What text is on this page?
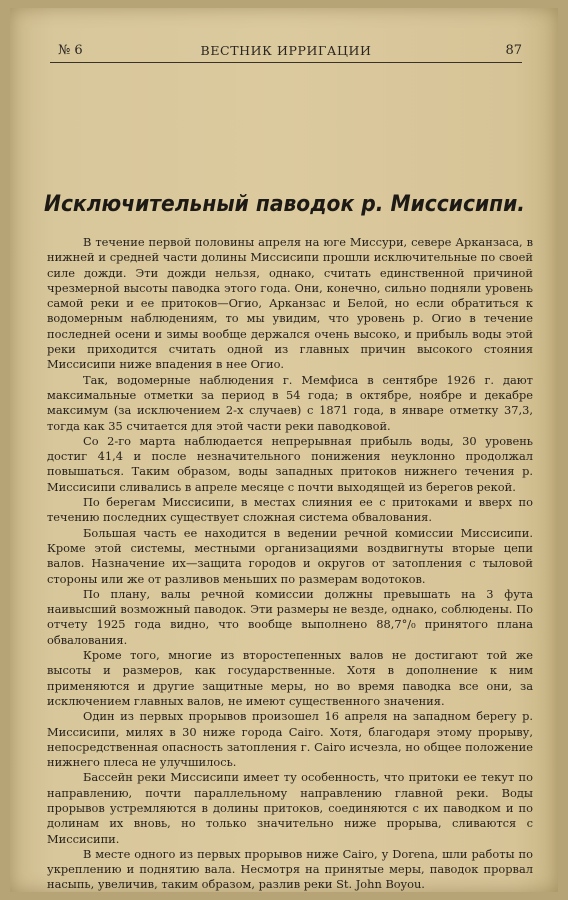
№ 6	ВЕСТНИК ИРРИГАЦИИ	87
Исключительный паводок р. Миссисипи.

В течение первой половины апреля на юге Миссури, севере Арканзаса, в нижней и средней части долины Миссисипи прошли исключительные по своей силе дожди. Эти дожди нельзя, однако, считать единственной причиной чрезмерной высоты паводка этого года. Они, конечно, сильно подняли уровень самой реки и ее притоков—Огио, Арканзас и Белой, но если обратиться к водомерным наблюдениям, то мы увидим, что уровень р. Огио в течение последней осени и зимы вообще держался очень высоко, и прибыль воды этой реки приходится считать одной из главных причин высокого стояния Миссисипи ниже впадения в нее Огио.

Так, водомерные наблюдения г. Мемфиса в сентябре 1926 г. дают максимальные отметки за период в 54 года; в октябре, ноябре и декабре максимум (за исключением 2-х случаев) с 1871 года, в январе отметку 37,3, тогда как 35 считается для этой части реки паводковой.

Со 2-го марта наблюдается непрерывная прибыль воды, 30 уровень достиг 41,4 и после незначительного понижения неуклонно продолжал повышаться. Таким образом, воды западных притоков нижнего течения р. Миссисипи сливались в апреле месяце с почти выходящей из берегов рекой.

По берегам Миссисипи, в местах слияния ее с притоками и вверх по течению последних существует сложная система обвалования.

Большая часть ее находится в ведении речной комиссии Миссисипи. Кроме этой системы, местными организациями воздвигнуты вторые цепи валов. Назначение их—защита городов и округов от затопления с тыловой стороны или же от разливов меньших по размерам водотоков.

По плану, валы речной комиссии должны превышать на 3 фута наивысший возможный паводок. Эти размеры не везде, однако, соблюдены. По отчету 1925 года видно, что вообще выполнено 88,7°/₀ принятого плана обвалования.

Кроме того, многие из второстепенных валов не достигают той же высоты и размеров, как государственные. Хотя в дополнение к ним применяются и другие защитные меры, но во время паводка все они, за исключением главных валов, не имеют существенного значения.

Один из первых прорывов произошел 16 апреля на западном берегу р. Миссисипи, милях в 30 ниже города Cairo. Хотя, благодаря этому прорыву, непосредственная опасность затопления г. Cairo исчезла, но общее положение нижнего плеса не улучшилось.

Бассейн реки Миссисипи имеет ту особенность, что притоки ее текут по направлению, почти параллельному направлению главной реки. Воды прорывов устремляются в долины притоков, соединяются с их паводком и по долинам их вновь, но только значительно ниже прорыва, сливаются с Миссисипи.

В месте одного из первых прорывов ниже Cairo, у Dorena, шли работы по укреплению и поднятию вала. Несмотря на принятые меры, паводок прорвал насыпь, увеличив, таким образом, разлив реки St. John Boyou.
